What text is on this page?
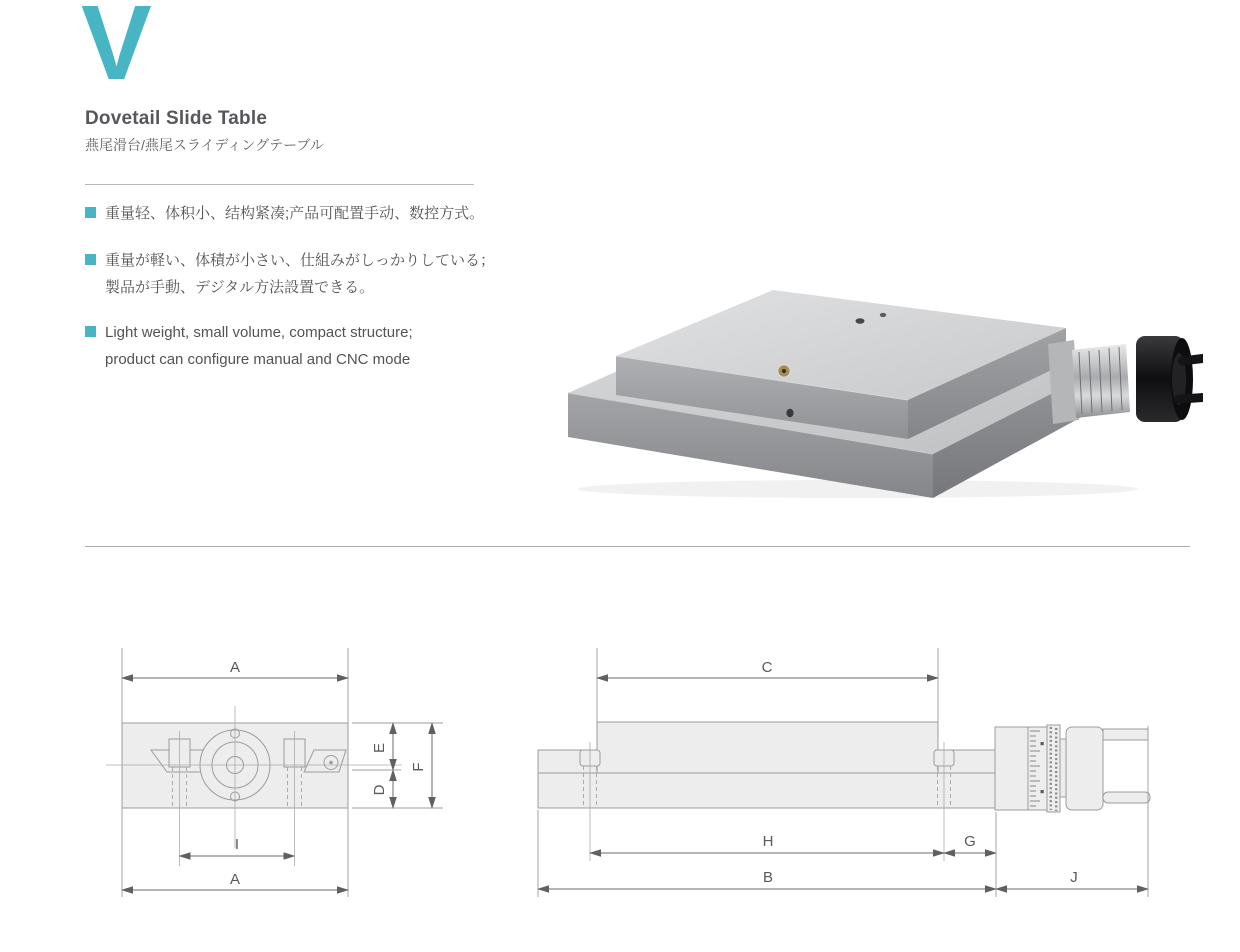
V
Dovetail Slide Table
燕尾滑台/燕尾スライディングテーブル
重量轻、体积小、结构紧凑;产品可配置手动、数控方式。
重量が軽い、体積が小さい、仕組みがしっかりしている；
製品が手動、デジタル方法設置できる。
Light weight, small volume, compact structure;
product can configure manual and CNC mode
A
E
D
F
I
A
C
H	G
B	J
